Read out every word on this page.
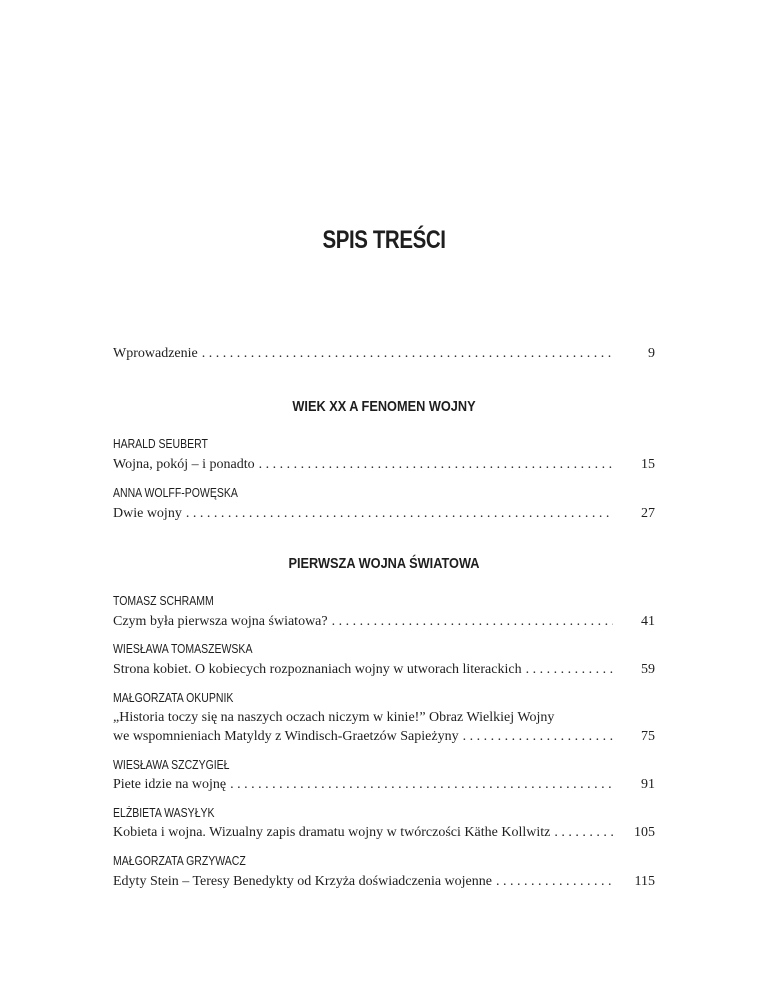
SPIS TREŚCI
Wprowadzenie . . .	9
WIEK XX A FENOMEN WOJNY
HARALD SEUBERT
Wojna, pokój – i ponadto . . .	15
ANNA WOLFF-POWĘSKA
Dwie wojny . . .	27
PIERWSZA WOJNA ŚWIATOWA
TOMASZ SCHRAMM
Czym była pierwsza wojna światowa? . . .	41
WIESŁAWA TOMASZEWSKA
Strona kobiet. O kobiecych rozpoznaniach wojny w utworach literackich . . .	59
MAŁGORZATA OKUPNIK
„Historia toczy się na naszych oczach niczym w kinie!” Obraz Wielkiej Wojny
we wspomnieniach Matyldy z Windisch-Graetzów Sapieżyny . . .	75
WIESŁAWA SZCZYGIEŁ
Piete idzie na wojnę . . .	91
ELŻBIETA WASYŁYK
Kobieta i wojna. Wizualny zapis dramatu wojny w twórczości Käthe Kollwitz . . .	105
MAŁGORZATA GRZYWACZ
Edyty Stein – Teresy Benedykty od Krzyża doświadczenia wojenne . . .	115
